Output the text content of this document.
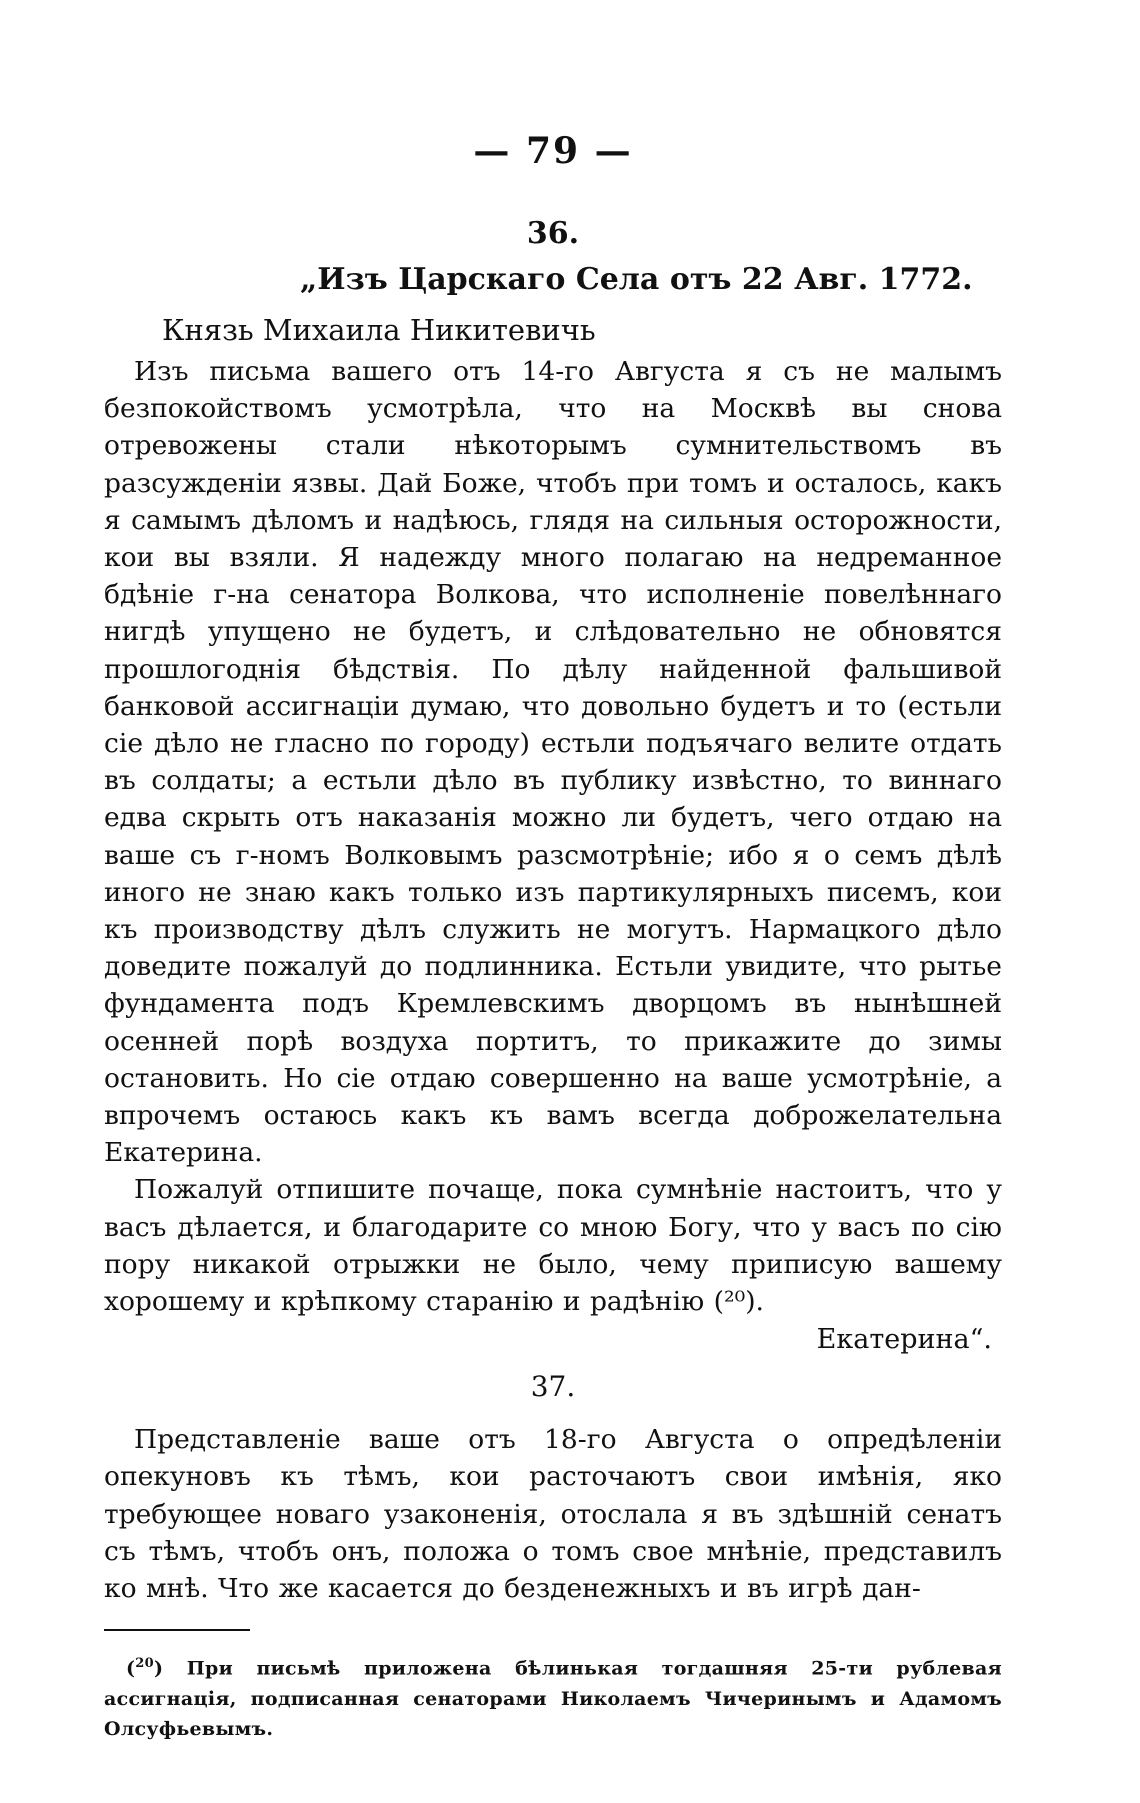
— 79 —
36.
„Изъ Царскаго Села отъ 22 Авг. 1772.
Князь Михаила Никитевичь

Изъ письма вашего отъ 14-го Августа я съ не малымъ безпокойствомъ усмотрѣла, что на Москвѣ вы снова отревожены стали нѣкоторымъ сумнительствомъ въ разсужденіи язвы. Дай Боже, чтобъ при томъ и осталось, какъ я самымъ дѣломъ и надѣюсь, глядя на сильныя осторожности, кои вы взяли. Я надежду много полагаю на недреманное бдѣніе г-на сенатора Волкова, что исполненіе повелѣннаго нигдѣ упущено не будетъ, и слѣдовательно не обновятся прошлогоднія бѣдствія. По дѣлу найденной фальшивой банковой ассигнаціи думаю, что довольно будетъ и то (естьли сіе дѣло не гласно по городу) естьли подъячаго велите отдать въ солдаты; а естьли дѣло въ публику извѣстно, то виннаго едва скрыть отъ наказанія можно ли будетъ, чего отдаю на ваше съ г-номъ Волковымъ разсмотрѣніе; ибо я о семъ дѣлѣ иного не знаю какъ только изъ партикулярныхъ писемъ, кои къ производству дѣлъ служить не могутъ. Нармацкого дѣло доведите пожалуй до подлинника. Естьли увидите, что рытье фундамента подъ Кремлевскимъ дворцомъ въ нынѣшней осенней порѣ воздуха портитъ, то прикажите до зимы остановить. Но сіе отдаю совершенно на ваше усмотрѣніе, а впрочемъ остаюсь какъ къ вамъ всегда доброжелательна Екатерина.

Пожалуй отпишите почаще, пока сумнѣніе настоитъ, что у васъ дѣлается, и благодарите со мною Богу, что у васъ по сію пору никакой отрыжки не было, чему приписую вашему хорошему и крѣпкому старанію и радѣнію (²⁰).

Екатерина“.
37.

Представленіе ваше отъ 18-го Августа о опредѣленіи опекуновъ къ тѣмъ, кои расточаютъ свои имѣнія, яко требующее новаго узаконенія, отослала я въ здѣшній сенатъ съ тѣмъ, чтобъ онъ, положа о томъ свое мнѣніе, представилъ ко мнѣ. Что же касается до безденежныхъ и въ игрѣ дан-

($^{20}$) При письмѣ приложена бѣлинькая тогдашняя 25-ти рублевая ассигнація, подписанная сенаторами Николаемъ Чичеринымъ и Адамомъ Олсуфьевымъ.
